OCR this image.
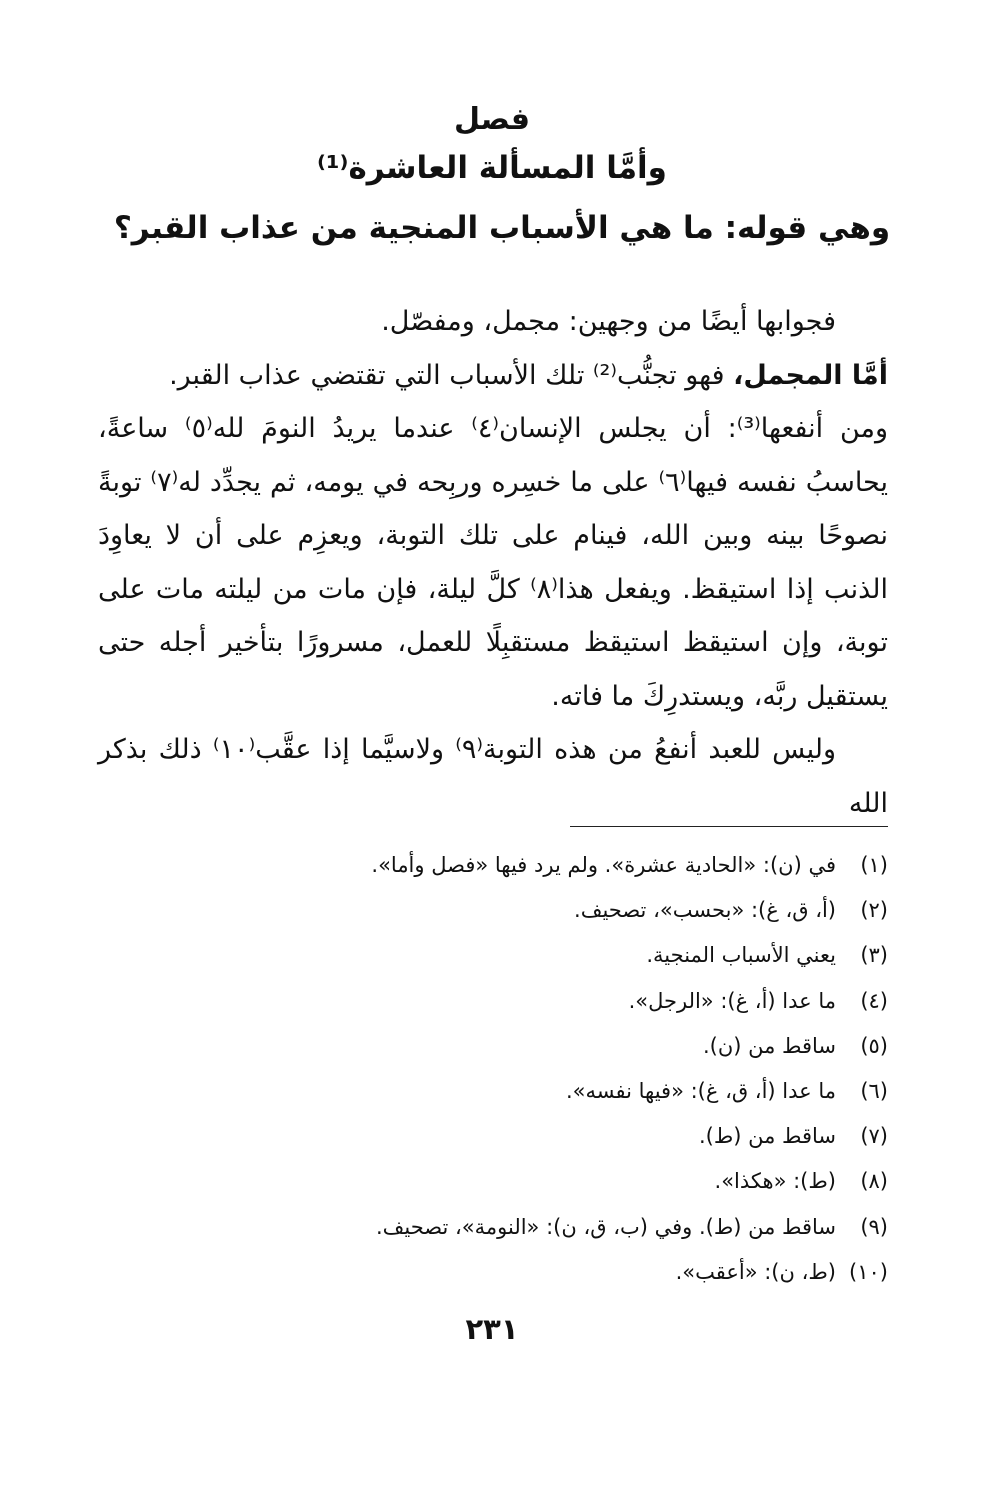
فصل
وأمَّا المسألة العاشرة⁽¹⁾
وهي قوله: ما هي الأسباب المنجية من عذاب القبر؟

فجوابها أيضًا من وجهين: مجمل، ومفصّل.

أمَّا المجمل، فهو تجنُّب⁽²⁾ تلك الأسباب التي تقتضي عذاب القبر.

ومن أنفعها⁽³⁾: أن يجلس الإنسان⁽٤⁾ عندما يريدُ النومَ لله⁽٥⁾ ساعةً، يحاسبُ نفسه فيها⁽٦⁾ على ما خسِره وربِحه في يومه، ثم يجدِّد له⁽٧⁾ توبةً نصوحًا بينه وبين الله، فينام على تلك التوبة، ويعزِم على أن لا يعاوِدَ الذنب إذا استيقظ. ويفعل هذا⁽٨⁾ كلَّ ليلة، فإن مات من ليلته مات على توبة، وإن استيقظ استيقظ مستقبِلًا للعمل، مسرورًا بتأخير أجله حتى يستقيل ربَّه، ويستدرِكَ ما فاته.

وليس للعبد أنفعُ من هذه التوبة⁽٩⁾ ولاسيَّما إذا عقَّب⁽١٠⁾ ذلك بذكر الله

(١)
في (ن): «الحادية عشرة». ولم يرد فيها «فصل وأما».
(٢)
(أ، ق، غ): «بحسب»، تصحيف.
(٣)
يعني الأسباب المنجية.
(٤)
ما عدا (أ، غ): «الرجل».
(٥)
ساقط من (ن).
(٦)
ما عدا (أ، ق، غ): «فيها نفسه».
(٧)
ساقط من (ط).
(٨)
(ط): «هكذا».
(٩)
ساقط من (ط). وفي (ب، ق، ن): «النومة»، تصحيف.
(١٠)
(ط، ن): «أعقب».
٢٣١
